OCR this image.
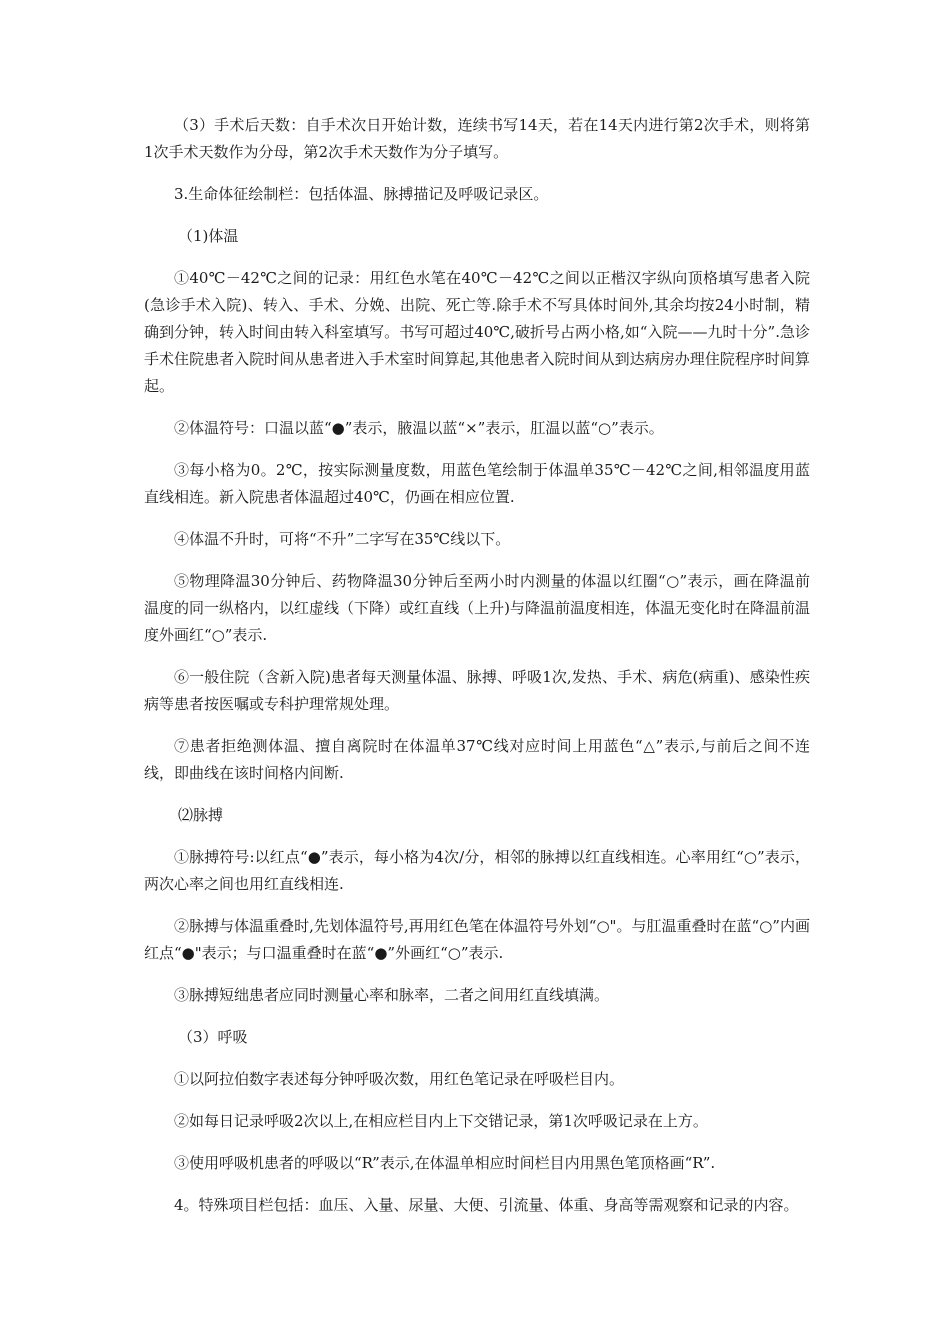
（3）手术后天数：自手术次日开始计数，连续书写14天，若在14天内进行第2次手术，则将第1次手术天数作为分母，第2次手术天数作为分子填写。

3.生命体征绘制栏：包括体温、脉搏描记及呼吸记录区。

（1)体温

①40℃－42℃之间的记录：用红色水笔在40℃－42℃之间以正楷汉字纵向顶格填写患者入院(急诊手术入院)、转入、手术、分娩、出院、死亡等.除手术不写具体时间外,其余均按24小时制，精确到分钟，转入时间由转入科室填写。书写可超过40℃,破折号占两小格,如“入院——九时十分”.急诊手术住院患者入院时间从患者进入手术室时间算起,其他患者入院时间从到达病房办理住院程序时间算起。

②体温符号：口温以蓝“●”表示，腋温以蓝“×”表示，肛温以蓝“○”表示。

③每小格为0。2℃，按实际测量度数，用蓝色笔绘制于体温单35℃－42℃之间,相邻温度用蓝直线相连。新入院患者体温超过40℃，仍画在相应位置.

④体温不升时，可将“不升”二字写在35℃线以下。

⑤物理降温30分钟后、药物降温30分钟后至两小时内测量的体温以红圈“○”表示，画在降温前温度的同一纵格内，以红虚线（下降）或红直线（上升)与降温前温度相连，体温无变化时在降温前温度外画红“○”表示.

⑥一般住院（含新入院)患者每天测量体温、脉搏、呼吸1次,发热、手术、病危(病重)、感染性疾病等患者按医嘱或专科护理常规处理。

⑦患者拒绝测体温、擅自离院时在体温单37℃线对应时间上用蓝色“△”表示,与前后之间不连线，即曲线在该时间格内间断.

⑵脉搏

①脉搏符号:以红点“●”表示，每小格为4次/分，相邻的脉搏以红直线相连。心率用红“○”表示，两次心率之间也用红直线相连.

②脉搏与体温重叠时,先划体温符号,再用红色笔在体温符号外划“○"。与肛温重叠时在蓝“○”内画红点“●"表示；与口温重叠时在蓝“●”外画红“○”表示.

③脉搏短绌患者应同时测量心率和脉率，二者之间用红直线填满。

（3）呼吸

①以阿拉伯数字表述每分钟呼吸次数，用红色笔记录在呼吸栏目内。

②如每日记录呼吸2次以上,在相应栏目内上下交错记录，第1次呼吸记录在上方。

③使用呼吸机患者的呼吸以“R”表示,在体温单相应时间栏目内用黑色笔顶格画“R”.

4。特殊项目栏包括：血压、入量、尿量、大便、引流量、体重、身高等需观察和记录的内容。
